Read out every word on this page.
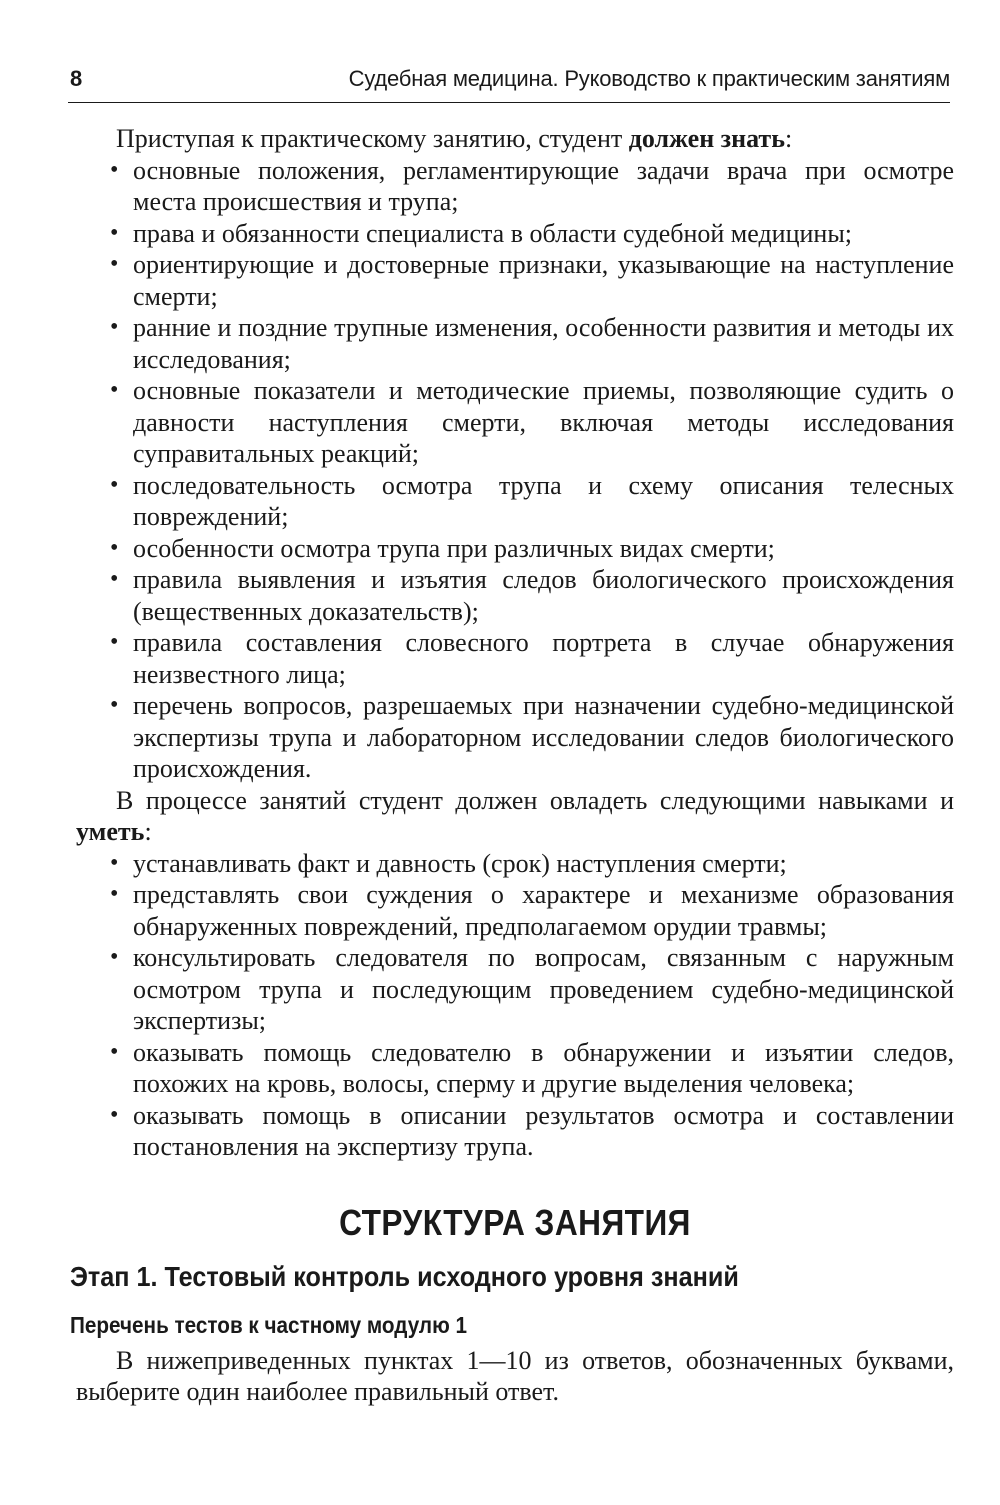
8	Судебная медицина. Руководство к практическим занятиям

Приступая к практическому занятию, студент должен знать:

• основные положения, регламентирующие задачи врача при осмотре места происшествия и трупа;
• права и обязанности специалиста в области судебной медицины;
• ориентирующие и достоверные признаки, указывающие на наступление смерти;
• ранние и поздние трупные изменения, особенности развития и методы их исследования;
• основные показатели и методические приемы, позволяющие судить о давности наступления смерти, включая методы исследования суправитальных реакций;
• последовательность осмотра трупа и схему описания телесных повреждений;
• особенности осмотра трупа при различных видах смерти;
• правила выявления и изъятия следов биологического происхождения (вещественных доказательств);
• правила составления словесного портрета в случае обнаружения неизвестного лица;
• перечень вопросов, разрешаемых при назначении судебно-медицинской экспертизы трупа и лабораторном исследовании следов биологического происхождения.

В процессе занятий студент должен овладеть следующими навыками и уметь:

• устанавливать факт и давность (срок) наступления смерти;
• представлять свои суждения о характере и механизме образования обнаруженных повреждений, предполагаемом орудии травмы;
• консультировать следователя по вопросам, связанным с наружным осмотром трупа и последующим проведением судебно-медицинской экспертизы;
• оказывать помощь следователю в обнаружении и изъятии следов, похожих на кровь, волосы, сперму и другие выделения человека;
• оказывать помощь в описании результатов осмотра и составлении постановления на экспертизу трупа.
СТРУКТУРА ЗАНЯТИЯ
Этап 1. Тестовый контроль исходного уровня знаний
Перечень тестов к частному модулю 1

В нижеприведенных пунктах 1—10 из ответов, обозначенных буквами, выберите один наиболее правильный ответ.
